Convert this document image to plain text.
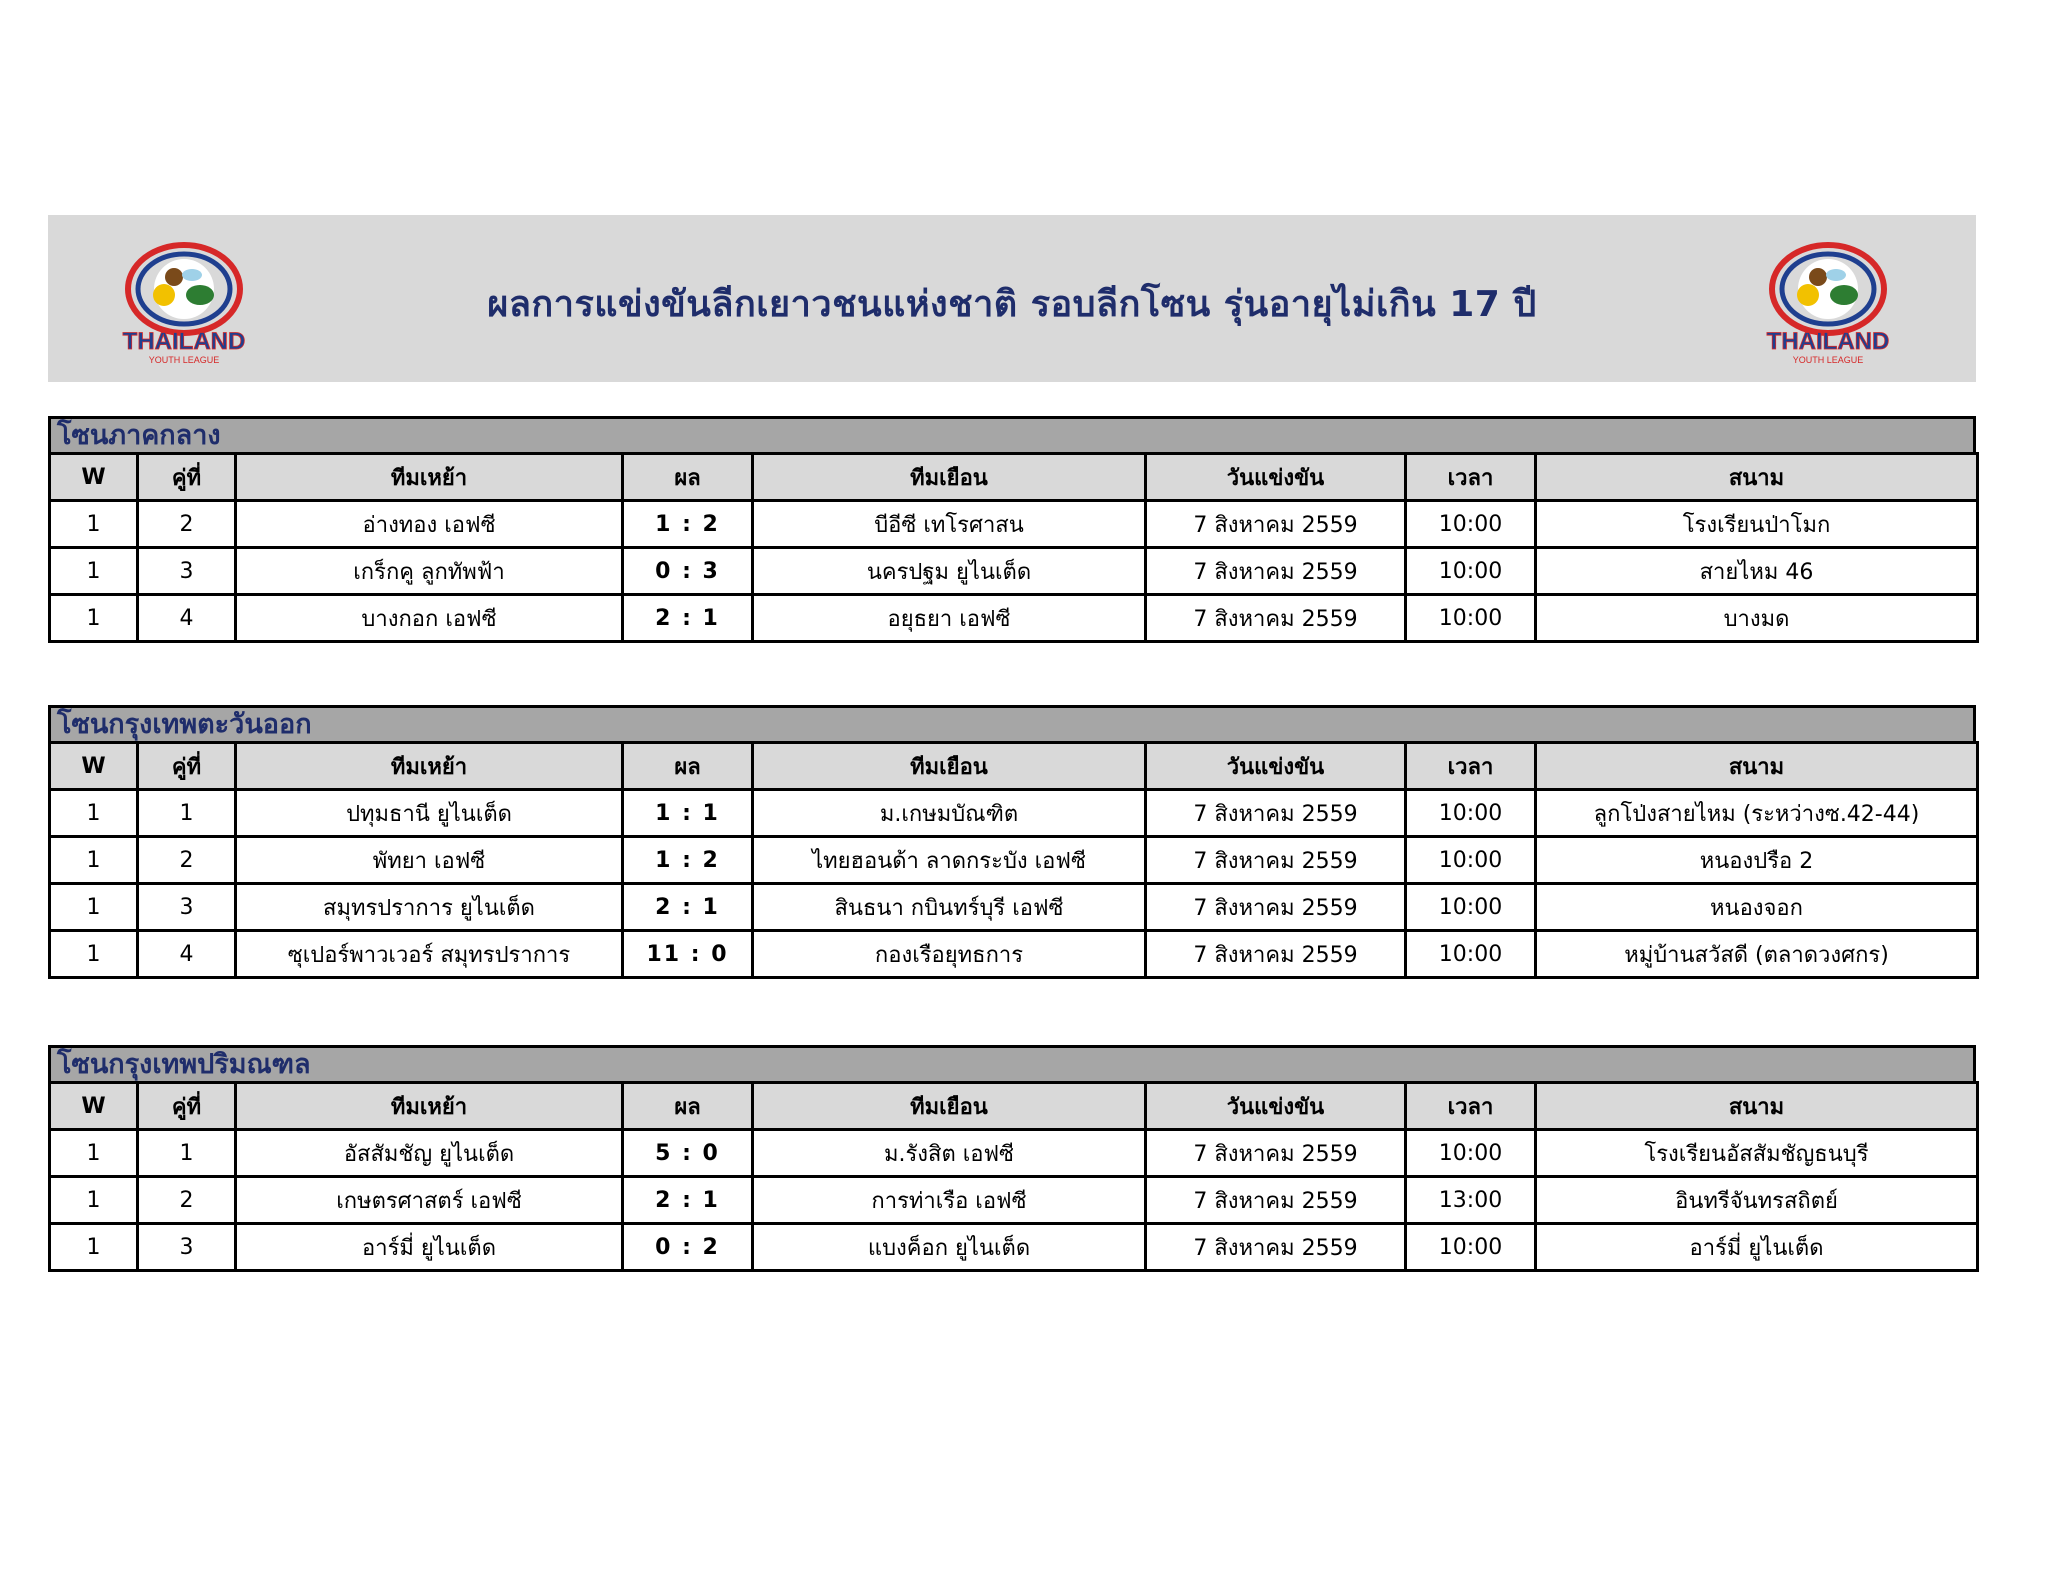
THAILAND
YOUTH LEAGUE
ผลการแข่งขันลีกเยาวชนแห่งชาติ รอบลีกโซน รุ่นอายุไม่เกิน 17 ปี
THAILAND
YOUTH LEAGUE
โซนภาคกลาง
W	คู่ที่	ทีมเหย้า	ผล	ทีมเยือน	วันแข่งขัน	เวลา	สนาม
1	2	อ่างทอง เอฟซี	1 : 2	บีอีซี เทโรศาสน	7 สิงหาคม 2559	10:00	โรงเรียนป่าโมก
1	3	เกร็กคู ลูกทัพฟ้า	0 : 3	นครปฐม ยูไนเต็ด	7 สิงหาคม 2559	10:00	สายไหม 46
1	4	บางกอก เอฟซี	2 : 1	อยุธยา เอฟซี	7 สิงหาคม 2559	10:00	บางมด
โซนกรุงเทพตะวันออก
W	คู่ที่	ทีมเหย้า	ผล	ทีมเยือน	วันแข่งขัน	เวลา	สนาม
1	1	ปทุมธานี ยูไนเต็ด	1 : 1	ม.เกษมบัณฑิต	7 สิงหาคม 2559	10:00	ลูกโป่งสายไหม (ระหว่างซ.42-44)
1	2	พัทยา เอฟซี	1 : 2	ไทยฮอนด้า ลาดกระบัง เอฟซี	7 สิงหาคม 2559	10:00	หนองปรือ 2
1	3	สมุทรปราการ ยูไนเต็ด	2 : 1	สินธนา กบินทร์บุรี เอฟซี	7 สิงหาคม 2559	10:00	หนองจอก
1	4	ซุเปอร์พาวเวอร์ สมุทรปราการ	11 : 0	กองเรือยุทธการ	7 สิงหาคม 2559	10:00	หมู่บ้านสวัสดี (ตลาดวงศกร)
โซนกรุงเทพปริมณฑล
W	คู่ที่	ทีมเหย้า	ผล	ทีมเยือน	วันแข่งขัน	เวลา	สนาม
1	1	อัสสัมชัญ ยูไนเต็ด	5 : 0	ม.รังสิต เอฟซี	7 สิงหาคม 2559	10:00	โรงเรียนอัสสัมชัญธนบุรี
1	2	เกษตรศาสตร์ เอฟซี	2 : 1	การท่าเรือ เอฟซี	7 สิงหาคม 2559	13:00	อินทรีจันทรสถิตย์
1	3	อาร์มี่ ยูไนเต็ด	0 : 2	แบงค็อก ยูไนเต็ด	7 สิงหาคม 2559	10:00	อาร์มี่ ยูไนเต็ด
